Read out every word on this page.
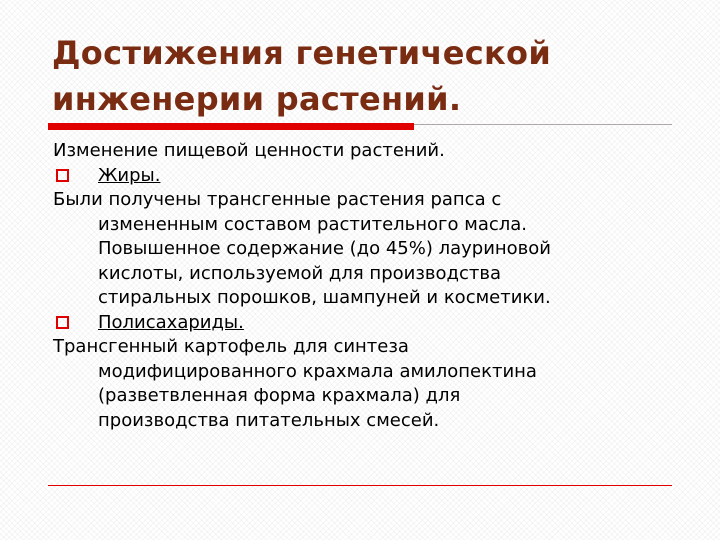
Достижения генетической
инженерии растений.
Изменение пищевой ценности растений.
Жиры.
Были получены трансгенные растения рапса с
измененным составом растительного масла.
Повышенное содержание (до 45%) лауриновой
кислоты, используемой для производства
стиральных порошков, шампуней и косметики.
Полисахариды.
Трансгенный картофель для синтеза
модифицированного крахмала амилопектина
(разветвленная форма крахмала) для
производства питательных смесей.
